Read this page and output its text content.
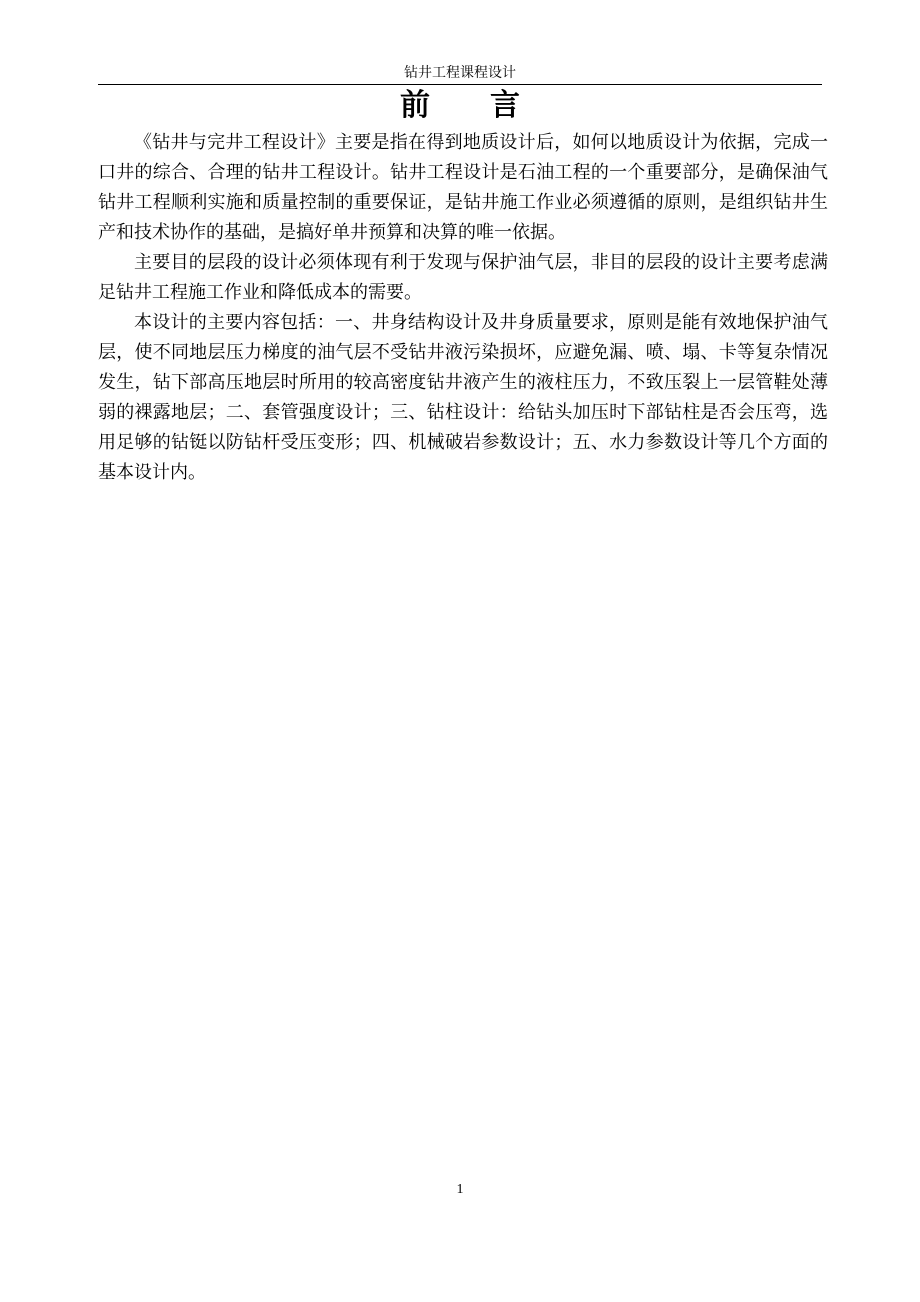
钻井工程课程设计
前　　言

《钻井与完井工程设计》主要是指在得到地质设计后，如何以地质设计为依据，完成一口井的综合、合理的钻井工程设计。钻井工程设计是石油工程的一个重要部分，是确保油气钻井工程顺利实施和质量控制的重要保证，是钻井施工作业必须遵循的原则，是组织钻井生产和技术协作的基础，是搞好单井预算和决算的唯一依据。

主要目的层段的设计必须体现有利于发现与保护油气层，非目的层段的设计主要考虑满足钻井工程施工作业和降低成本的需要。

本设计的主要内容包括：一、井身结构设计及井身质量要求，原则是能有效地保护油气层，使不同地层压力梯度的油气层不受钻井液污染损坏，应避免漏、喷、塌、卡等复杂情况发生，钻下部高压地层时所用的较高密度钻井液产生的液柱压力，不致压裂上一层管鞋处薄弱的裸露地层；二、套管强度设计；三、钻柱设计：给钻头加压时下部钻柱是否会压弯，选用足够的钻铤以防钻杆受压变形；四、机械破岩参数设计；五、水力参数设计等几个方面的基本设计内。

1
